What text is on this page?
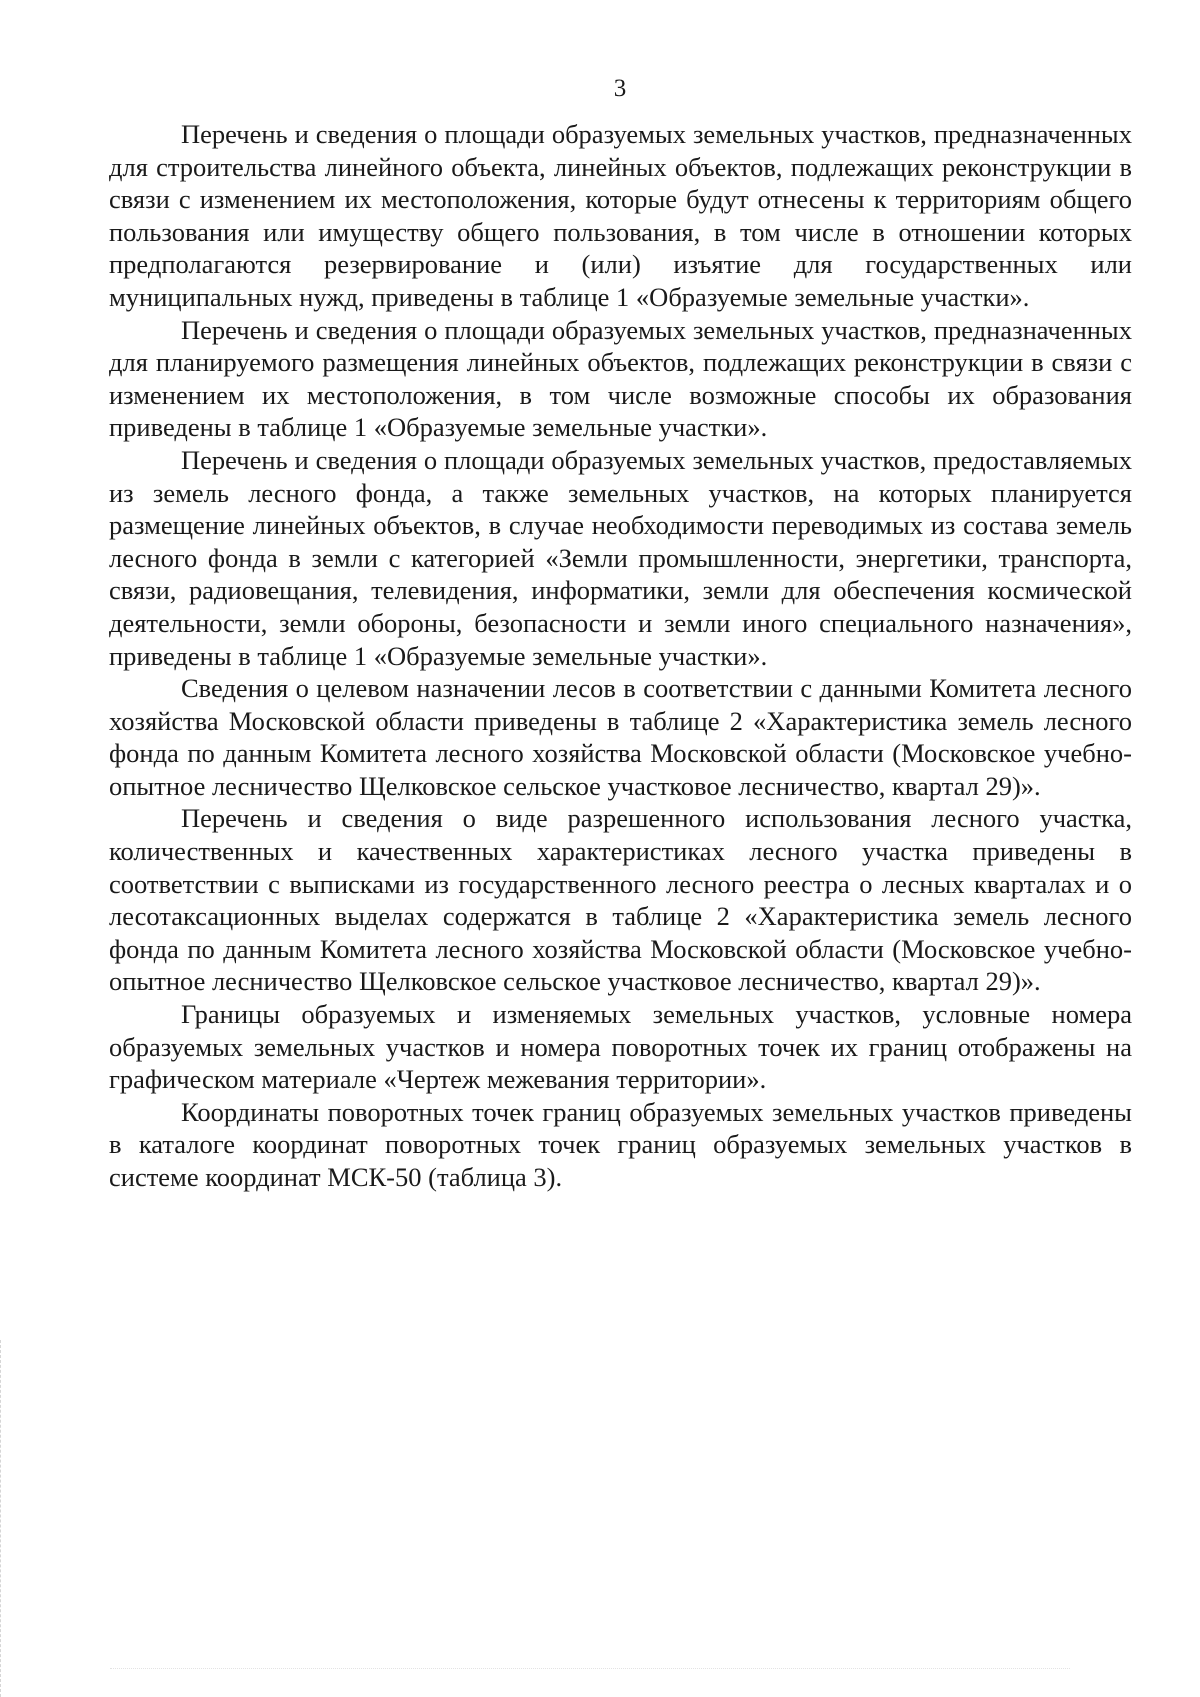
3

Перечень и сведения о площади образуемых земельных участков, предназначенных для строительства линейного объекта, линейных объектов, подлежащих реконструкции в связи с изменением их местоположения, которые будут отнесены к территориям общего пользования или имуществу общего пользования, в том числе в отношении которых предполагаются резервирование и (или) изъятие для государственных или муниципальных нужд, приведены в таблице 1 «Образуемые земельные участки».

Перечень и сведения о площади образуемых земельных участков, предназначенных для планируемого размещения линейных объектов, подлежащих реконструкции в связи с изменением их местоположения, в том числе возможные способы их образования приведены в таблице 1 «Образуемые земельные участки».

Перечень и сведения о площади образуемых земельных участков, предоставляемых из земель лесного фонда, а также земельных участков, на которых планируется размещение линейных объектов, в случае необходимости переводимых из состава земель лесного фонда в земли с категорией «Земли промышленности, энергетики, транспорта, связи, радиовещания, телевидения, информатики, земли для обеспечения космической деятельности, земли обороны, безопасности и земли иного специального назначения», приведены в таблице 1 «Образуемые земельные участки».

Сведения о целевом назначении лесов в соответствии с данными Комитета лесного хозяйства Московской области приведены в таблице 2 «Характеристика земель лесного фонда по данным Комитета лесного хозяйства Московской области (Московское учебно-опытное лесничество Щелковское сельское участковое лесничество, квартал 29)».

Перечень и сведения о виде разрешенного использования лесного участка, количественных и качественных характеристиках лесного участка приведены в соответствии с выписками из государственного лесного реестра о лесных кварталах и о лесотаксационных выделах содержатся в таблице 2 «Характеристика земель лесного фонда по данным Комитета лесного хозяйства Московской области (Московское учебно-опытное лесничество Щелковское сельское участковое лесничество, квартал 29)».

Границы образуемых и изменяемых земельных участков, условные номера образуемых земельных участков и номера поворотных точек их границ отображены на графическом материале «Чертеж межевания территории».

Координаты поворотных точек границ образуемых земельных участков приведены в каталоге координат поворотных точек границ образуемых земельных участков в системе координат МСК-50 (таблица 3).
